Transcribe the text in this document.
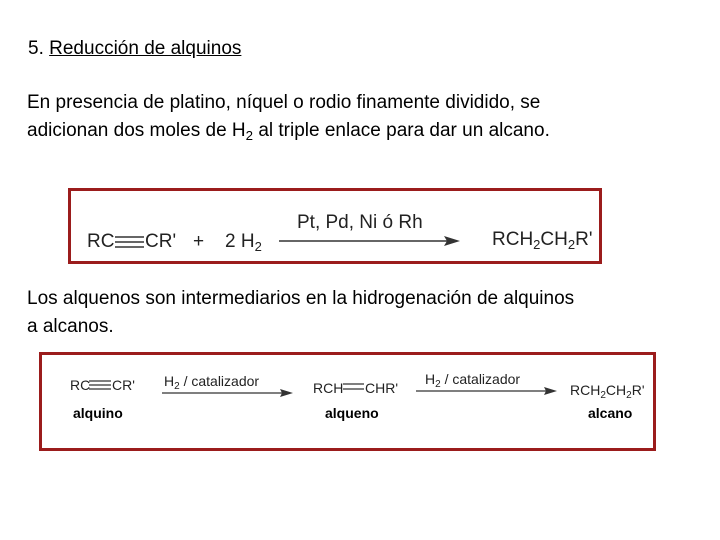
5. Reducción de alquinos
En presencia de platino, níquel o rodio finamente dividido, se
adicionan dos moles de $H_2$ al triple enlace para dar un alcano.
RC CR' + 2 $H_2$
Pt, Pd, Ni ó Rh
$RCH_2CH_2R'$
Los alquenos son intermediarios en la hidrogenación de alquinos
a alcanos.
RC CR'
alquino
$H_2$ / catalizador	RCH CHR'
alqueno
$H_2$ / catalizador
$RCH_2CH_2R'$
alcano
